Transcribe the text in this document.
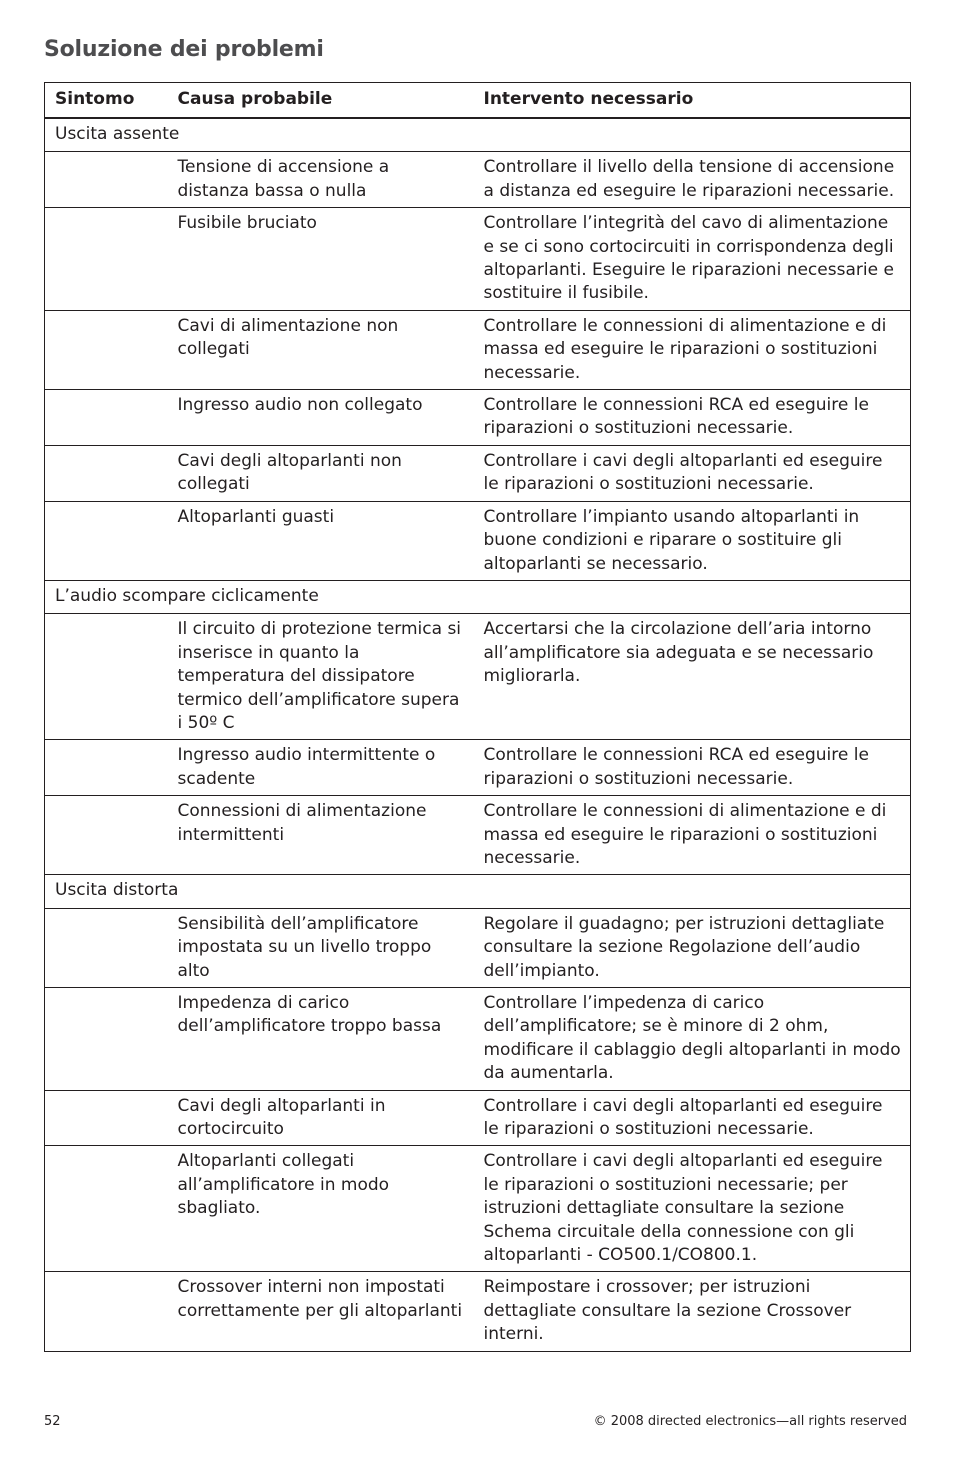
Soluzione dei problemi
Sintomo	Causa probabile	Intervento necessario
Uscita assente		
	Tensione di accensione a distanza bassa o nulla	Controllare il livello della tensione di accensione a distanza ed eseguire le riparazioni necessarie.
	Fusibile bruciato	Controllare l’integrità del cavo di alimentazione e se ci sono cortocircuiti in corrispondenza degli altoparlanti. Eseguire le riparazioni necessarie e sostituire il fusibile.
	Cavi di alimentazione non collegati	Controllare le connessioni di alimentazione e di massa ed eseguire le riparazioni o sostituzioni necessarie.
	Ingresso audio non collegato	Controllare le connessioni RCA ed eseguire le riparazioni o sostituzioni necessarie.
	Cavi degli altoparlanti non collegati	Controllare i cavi degli altoparlanti ed eseguire le riparazioni o sostituzioni necessarie.
	Altoparlanti guasti	Controllare l’impianto usando altoparlanti in buone condizioni e riparare o sostituire gli altoparlanti se necessario.
L’audio scompare ciclicamente		
	Il circuito di protezione termica si inserisce in quanto la temperatura del dissipatore termico dell’amplificatore supera i 50º C	Accertarsi che la circolazione dell’aria intorno all’amplificatore sia adeguata e se necessario migliorarla.
	Ingresso audio intermittente o scadente	Controllare le connessioni RCA ed eseguire le riparazioni o sostituzioni necessarie.
	Connessioni di alimentazione intermittenti	Controllare le connessioni di alimentazione e di massa ed eseguire le riparazioni o sostituzioni necessarie.
Uscita distorta		
	Sensibilità dell’amplificatore impostata su un livello troppo alto	Regolare il guadagno; per istruzioni dettagliate consultare la sezione Regolazione dell’audio dell’impianto.
	Impedenza di carico dell’amplificatore troppo bassa	Controllare l’impedenza di carico dell’amplificatore; se è minore di 2 ohm, modificare il cablaggio degli altoparlanti in modo da aumentarla.
	Cavi degli altoparlanti in cortocircuito	Controllare i cavi degli altoparlanti ed eseguire le riparazioni o sostituzioni necessarie.
	Altoparlanti collegati all’amplificatore in modo sbagliato.	Controllare i cavi degli altoparlanti ed eseguire le riparazioni o sostituzioni necessarie; per istruzioni dettagliate consultare la sezione Schema circuitale della connessione con gli altoparlanti - CO500.1/CO800.1.
	Crossover interni non impostati correttamente per gli altoparlanti	Reimpostare i crossover; per istruzioni dettagliate consultare la sezione Crossover interni.
52	© 2008 directed electronics—all rights reserved
